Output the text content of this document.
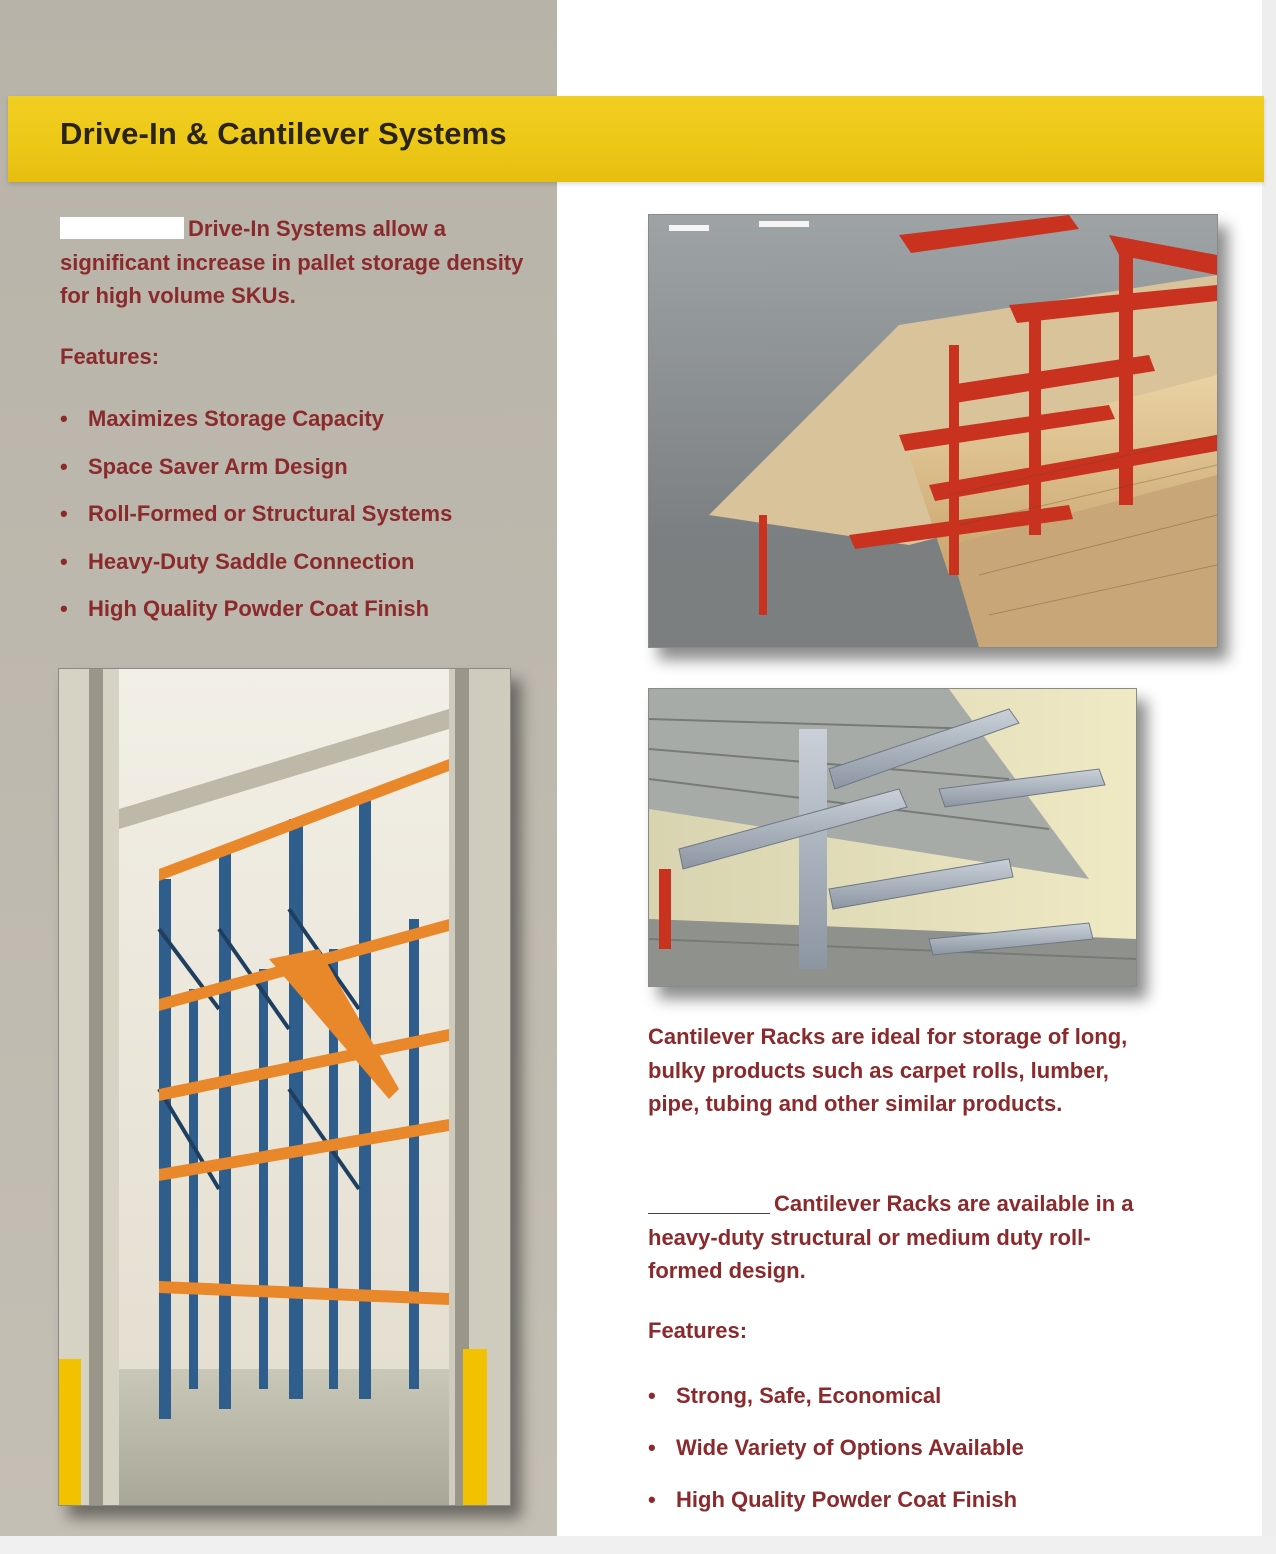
Drive-In & Cantilever Systems

Drive-In Systems allow a significant increase in pallet storage density for high volume SKUs.

Features:

• Maximizes Storage Capacity
• Space Saver Arm Design
• Roll-Formed or Structural Systems
• Heavy-Duty Saddle Connection
• High Quality Powder Coat Finish

Cantilever Racks are ideal for storage of long, bulky products such as carpet rolls, lumber, pipe, tubing and other similar products.

Cantilever Racks are available in a heavy-duty structural or medium duty roll-formed design.

Features:

• Strong, Safe, Economical
• Wide Variety of Options Available
• High Quality Powder Coat Finish
